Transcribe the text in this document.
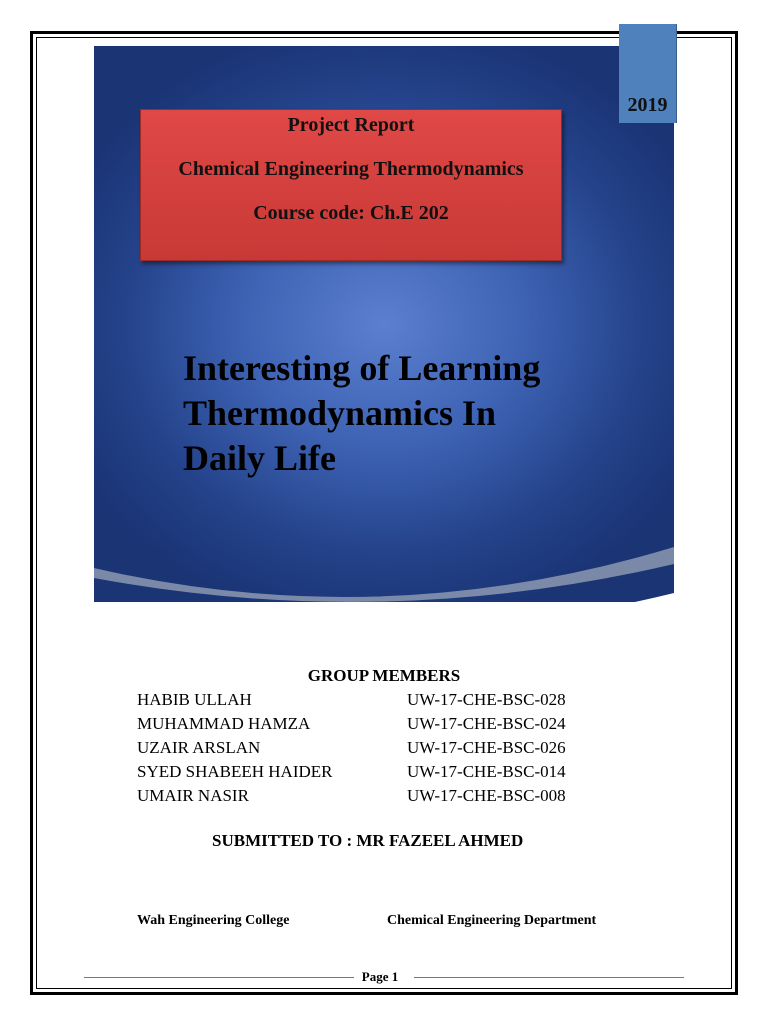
2019
Project Report
Chemical Engineering Thermodynamics
Course code: Ch.E 202
Interesting of Learning
Thermodynamics In
Daily Life
GROUP MEMBERS
HABIB ULLAH	UW-17-CHE-BSC-028
MUHAMMAD HAMZA	UW-17-CHE-BSC-024
UZAIR ARSLAN	UW-17-CHE-BSC-026
SYED SHABEEH HAIDER	UW-17-CHE-BSC-014
UMAIR NASIR	UW-17-CHE-BSC-008
SUBMITTED TO : MR FAZEEL AHMED
Wah Engineering College	Chemical Engineering Department
Page 1
